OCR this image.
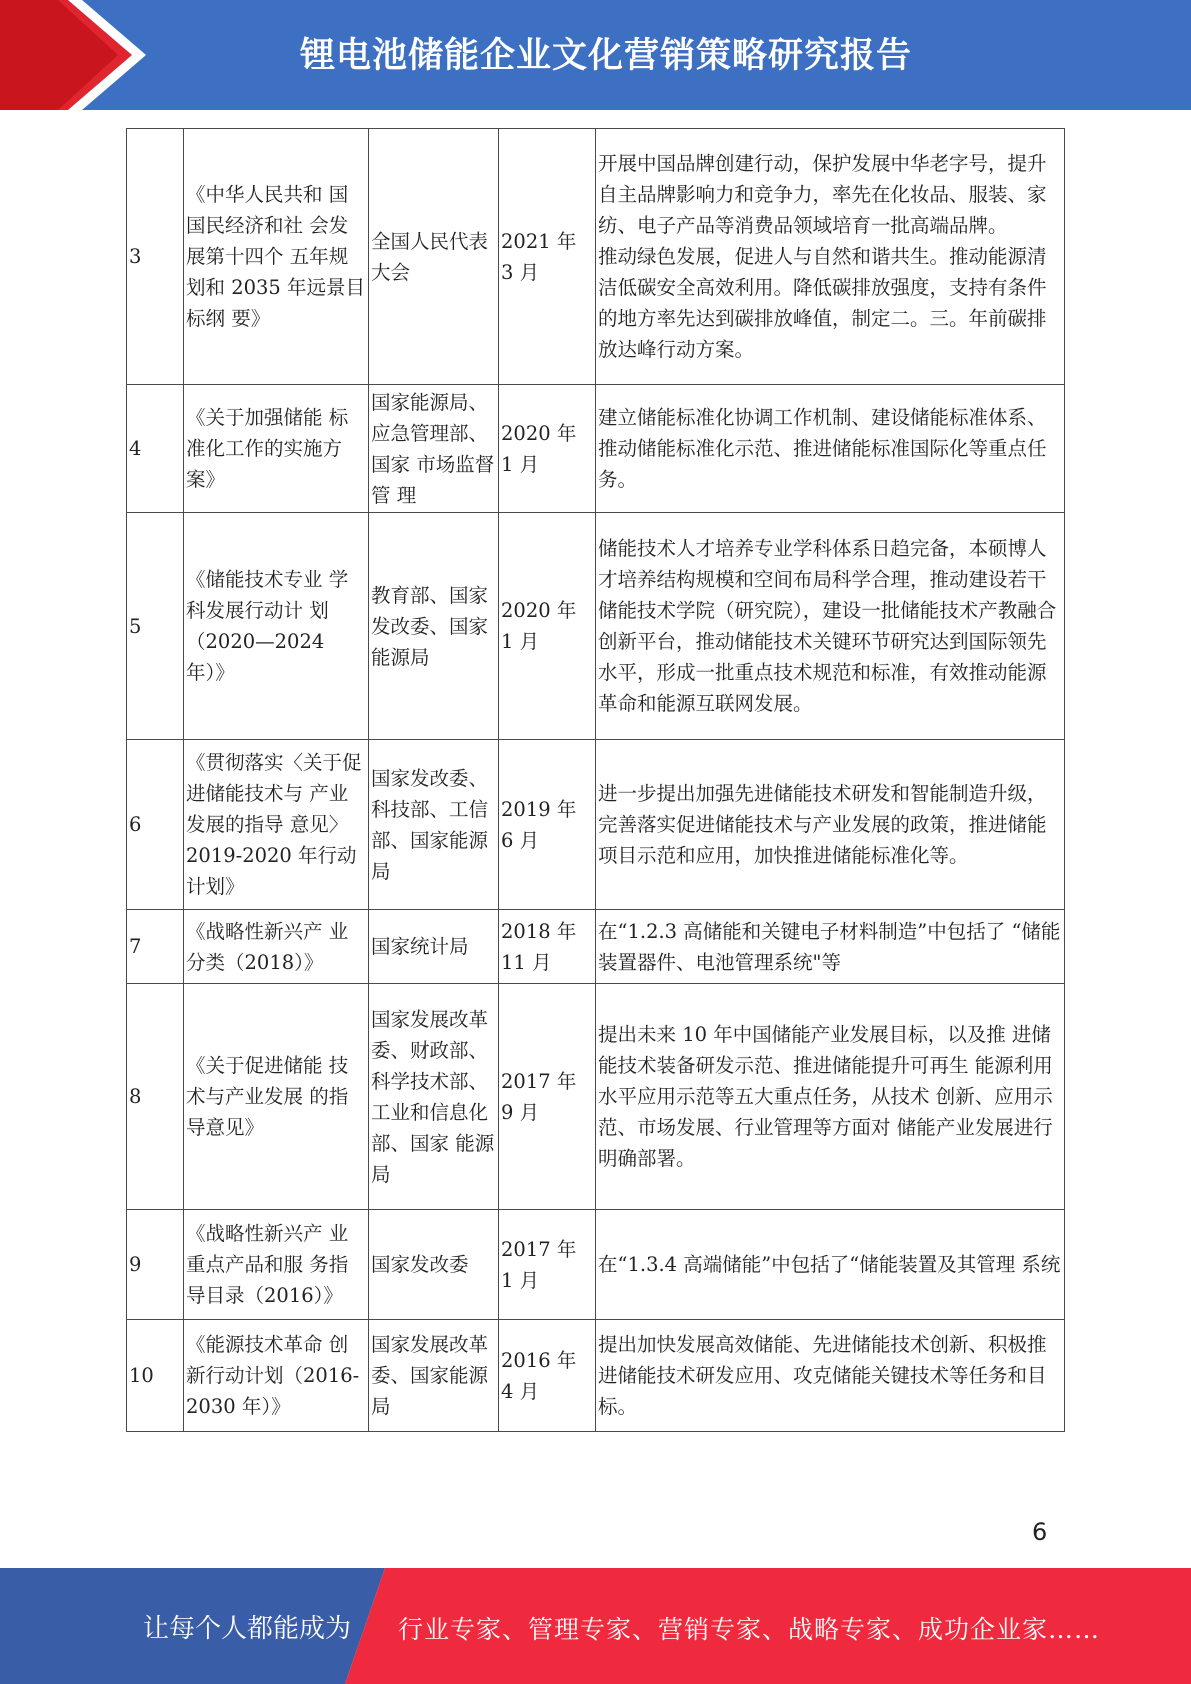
锂电池储能企业文化营销策略研究报告
3	《中华人民共和 国国民经济和社 会发展第十四个 五年规划和 2035 年远景目标纲 要》	全国人民代表大会	2021 年 3 月	开展中国品牌创建行动，保护发展中华老字号，提升自主品牌影响力和竞争力，率先在化妆品、服装、家纺、电子产品等消费品领域培育一批高端品牌。
推动绿色发展，促进人与自然和谐共生。推动能源清洁低碳安全高效利用。降低碳排放强度，支持有条件的地方率先达到碳排放峰值，制定二。三。年前碳排放达峰行动方案。
4	《关于加强储能 标准化工作的实施方案》	国家能源局、应急管理部、国家 市场监督管 理	2020 年 1 月	建立储能标准化协调工作机制、建设储能标准体系、推动储能标准化示范、推进储能标准国际化等重点任务。
5	《储能技术专业 学科发展行动计 划（2020—2024 年）》	教育部、国家发改委、国家能源局	2020 年 1 月	储能技术人才培养专业学科体系日趋完备，本硕博人才培养结构规模和空间布局科学合理，推动建设若干储能技术学院（研究院），建设一批储能技术产教融合创新平台，推动储能技术关键环节研究达到国际领先水平，形成一批重点技术规范和标准，有效推动能源革命和能源互联网发展。
6	《贯彻落实〈关于促进储能技术与 产业发展的指导 意见〉2019-2020 年行动计划》	国家发改委、科技部、工信部、国家能源局	2019 年 6 月	进一步提出加强先进储能技术研发和智能制造升级，完善落实促进储能技术与产业发展的政策，推进储能项目示范和应用，加快推进储能标准化等。
7	《战略性新兴产 业分类（2018）》	国家统计局	2018 年 11 月	在“1.2.3 高储能和关键电子材料制造”中包括了 “储能装置器件、电池管理系统"等
8	《关于促进储能 技术与产业发展 的指导意见》	国家发展改革委、财政部、科学技术部、工业和信息化部、国家 能源局	2017 年 9 月	提出未来 10 年中国储能产业发展目标，以及推 进储能技术装备研发示范、推进储能提升可再生 能源利用水平应用示范等五大重点任务，从技术 创新、应用示范、市场发展、行业管理等方面对 储能产业发展进行明确部署。
9	《战略性新兴产 业重点产品和服 务指导目录（2016）》	国家发改委	2017 年 1 月	在“1.3.4 高端储能”中包括了“储能装置及其管理 系统
10	《能源技术革命 创新行动计划（2016-2030 年）》	国家发展改革委、国家能源局	2016 年 4 月	提出加快发展高效储能、先进储能技术创新、积极推进储能技术研发应用、攻克储能关键技术等任务和目标。
6
让每个人都能成为 行业专家、管理专家、营销专家、战略专家、成功企业家……
